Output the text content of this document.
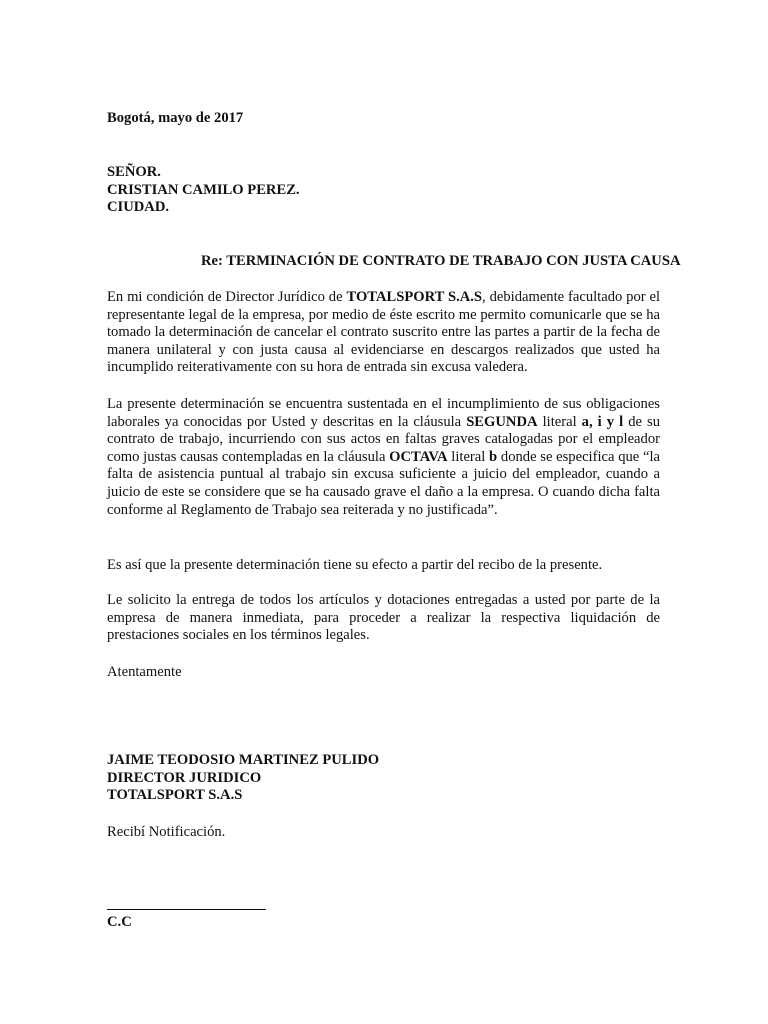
Bogotá, mayo de 2017
SEÑOR.
CRISTIAN CAMILO PEREZ.
CIUDAD.
Re: TERMINACIÓN DE CONTRATO DE TRABAJO CON JUSTA CAUSA
En mi condición de Director Jurídico de TOTALSPORT S.A.S, debidamente facultado por el representante legal de la empresa, por medio de éste escrito me permito comunicarle que se ha tomado la determinación de cancelar el contrato suscrito entre las partes a partir de la fecha de manera unilateral y con justa causa al evidenciarse en descargos realizados que usted ha incumplido reiterativamente con su hora de entrada sin excusa valedera.
La presente determinación se encuentra sustentada en el incumplimiento de sus obligaciones laborales ya conocidas por Usted y descritas en la cláusula SEGUNDA literal a, i y l de su contrato de trabajo, incurriendo con sus actos en faltas graves catalogadas por el empleador como justas causas contempladas en la cláusula OCTAVA literal b donde se especifica que “la falta de asistencia puntual al trabajo sin excusa suficiente a juicio del empleador, cuando a juicio de este se considere que se ha causado grave el daño a la empresa. O cuando dicha falta conforme al Reglamento de Trabajo sea reiterada y no justificada”.
Es así que la presente determinación tiene su efecto a partir del recibo de la presente.
Le solicito la entrega de todos los artículos y dotaciones entregadas a usted por parte de la empresa de manera inmediata, para proceder a realizar la respectiva liquidación de prestaciones sociales en los términos legales.
Atentamente
JAIME TEODOSIO MARTINEZ PULIDO
DIRECTOR JURIDICO
TOTALSPORT S.A.S
Recibí Notificación.
C.C
